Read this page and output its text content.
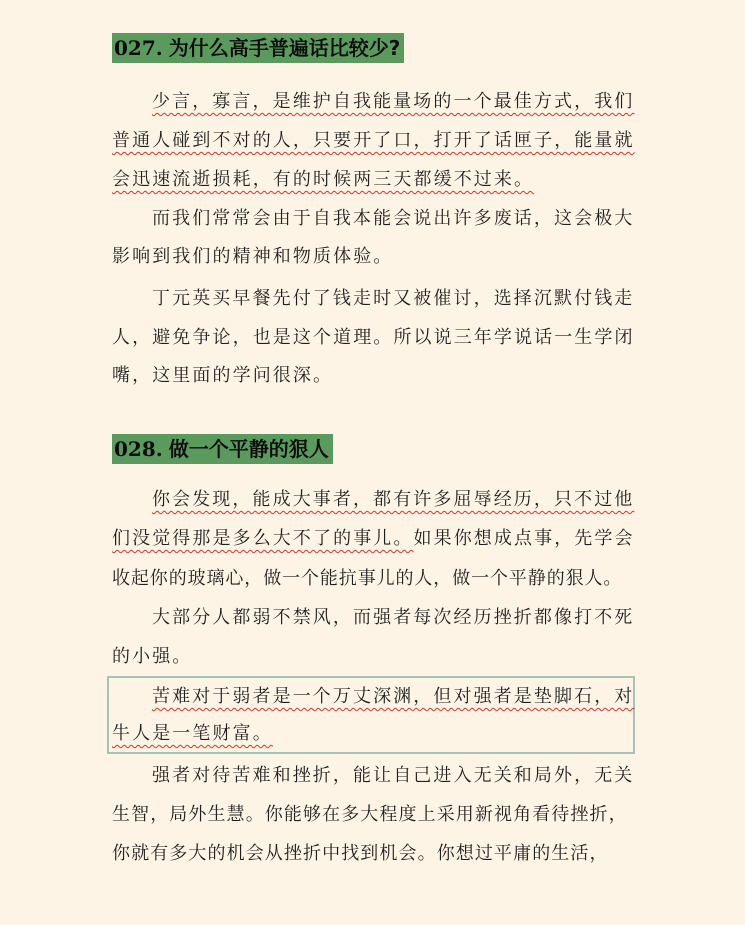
027. 为什么高手普遍话比较少?
少言，寡言，是维护自我能量场的一个最佳方式，我们
普通人碰到不对的人，只要开了口，打开了话匣子，能量就
会迅速流逝损耗，有的时候两三天都缓不过来。
而我们常常会由于自我本能会说出许多废话，这会极大
影响到我们的精神和物质体验。
丁元英买早餐先付了钱走时又被催讨，选择沉默付钱走
人，避免争论，也是这个道理。所以说三年学说话一生学闭
嘴，这里面的学问很深。
028. 做一个平静的狠人
你会发现，能成大事者，都有许多屈辱经历，只不过他
们没觉得那是多么大不了的事儿。如果你想成点事，先学会
收起你的玻璃心，做一个能抗事儿的人，做一个平静的狠人。
大部分人都弱不禁风，而强者每次经历挫折都像打不死
的小强。
苦难对于弱者是一个万丈深渊，但对强者是垫脚石，对
牛人是一笔财富。
强者对待苦难和挫折，能让自己进入无关和局外，无关
生智，局外生慧。你能够在多大程度上采用新视角看待挫折，
你就有多大的机会从挫折中找到机会。你想过平庸的生活，
